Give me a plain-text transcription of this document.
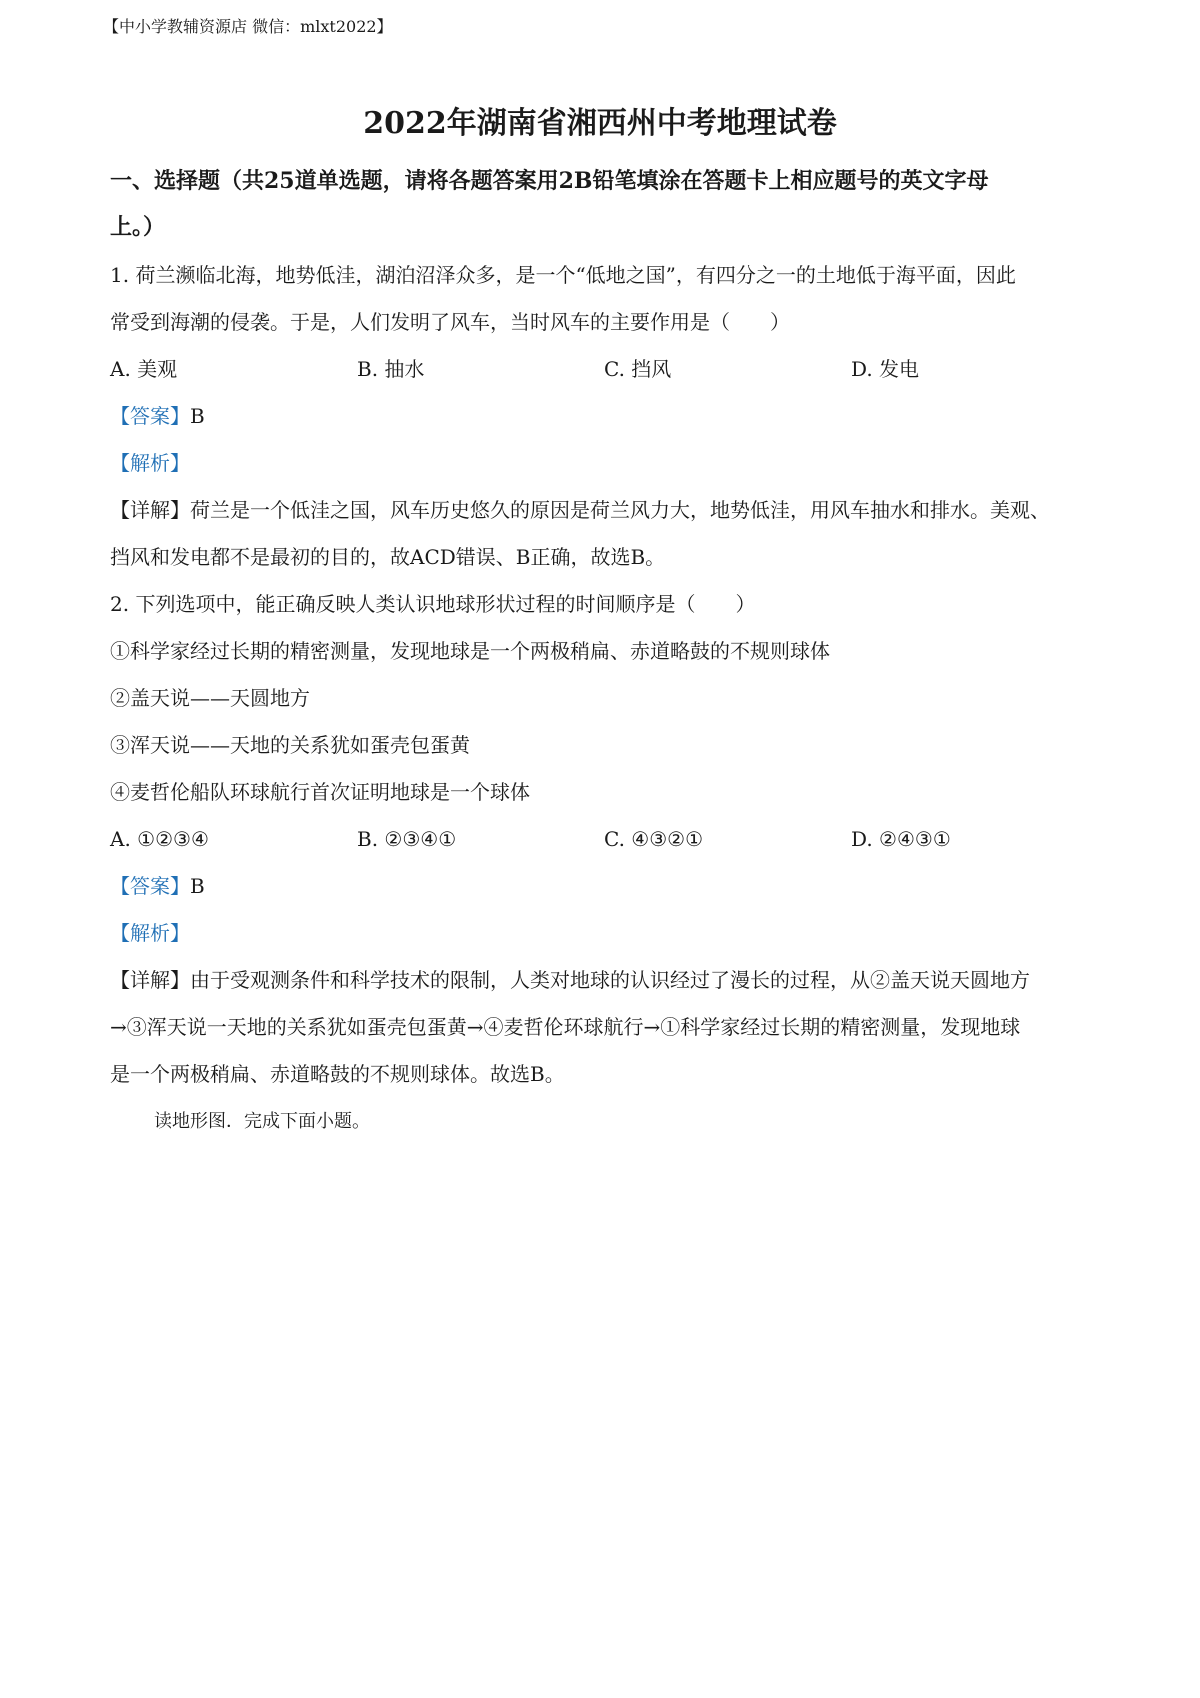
【中小学教辅资源店 微信：mlxt2022】
2022年湖南省湘西州中考地理试卷
一、选择题（共25道单选题，请将各题答案用2B铅笔填涂在答题卡上相应题号的英文字母
上。）
1. 荷兰濒临北海，地势低洼，湖泊沼泽众多，是一个“低地之国”，有四分之一的土地低于海平面，因此
常受到海潮的侵袭。于是，人们发明了风车，当时风车的主要作用是（　　）
A. 美观	B. 抽水	C. 挡风	D. 发电
【答案】B
【解析】
【详解】荷兰是一个低洼之国，风车历史悠久的原因是荷兰风力大，地势低洼，用风车抽水和排水。美观、
挡风和发电都不是最初的目的，故ACD错误、B正确，故选B。
2. 下列选项中，能正确反映人类认识地球形状过程的时间顺序是（　　）
①科学家经过长期的精密测量，发现地球是一个两极稍扁、赤道略鼓的不规则球体
②盖天说——天圆地方
③浑天说——天地的关系犹如蛋壳包蛋黄
④麦哲伦船队环球航行首次证明地球是一个球体
A. ①②③④	B. ②③④①	C. ④③②①	D. ②④③①
【答案】B
【解析】
【详解】由于受观测条件和科学技术的限制，人类对地球的认识经过了漫长的过程，从②盖天说天圆地方
→③浑天说一天地的关系犹如蛋壳包蛋黄→④麦哲伦环球航行→①科学家经过长期的精密测量，发现地球
是一个两极稍扁、赤道略鼓的不规则球体。故选B。
读地形图．完成下面小题。
